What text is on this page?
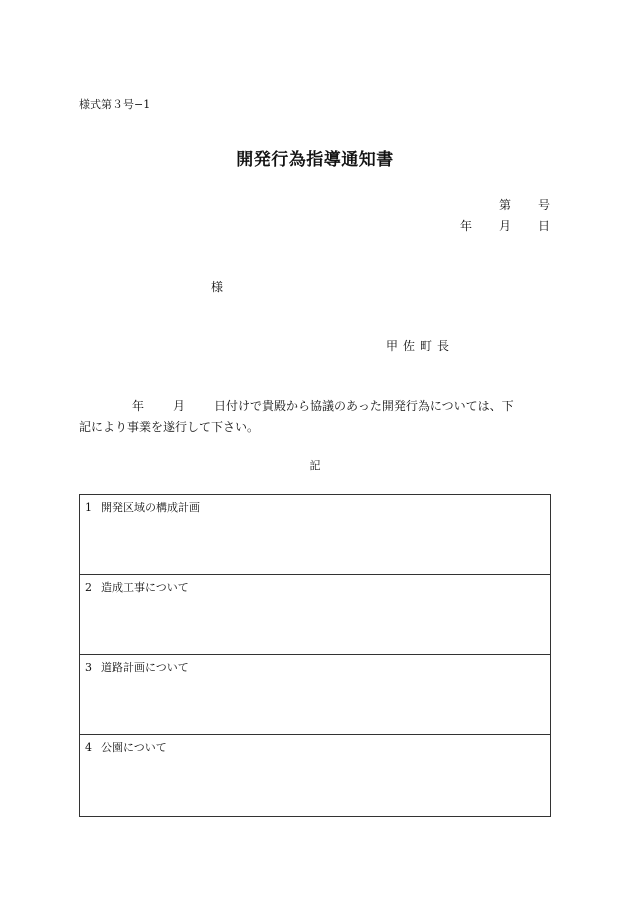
様式第３号−1
開発行為指導通知書
第 号
年 月 日
様
甲佐町長
年 月 日付けで貴殿から協議のあった開発行為については、下
記により事業を遂行して下さい。
記
1 開発区域の構成計画
2 造成工事について
3 道路計画について
4 公園について
